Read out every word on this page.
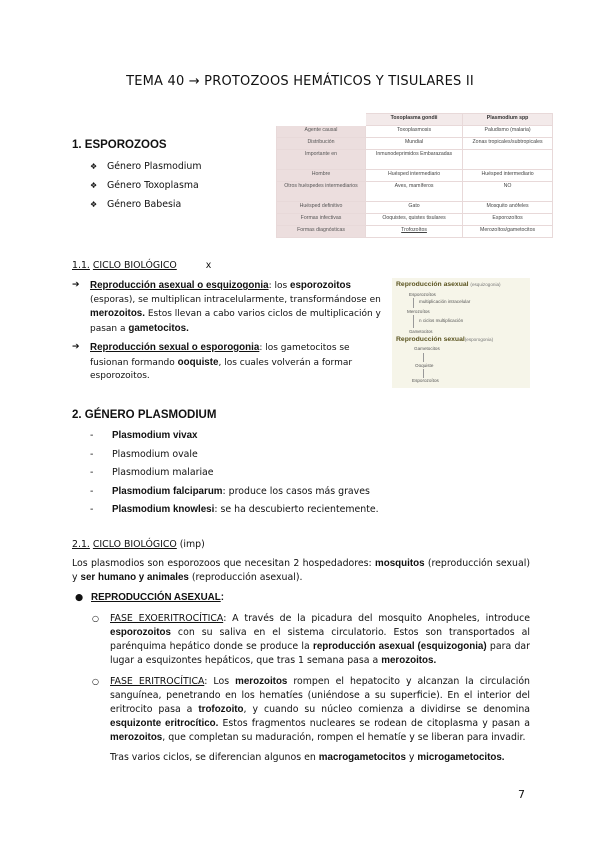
TEMA 40 → PROTOZOOS HEMÁTICOS Y TISULARES II
1. ESPOROZOOS
❖ Género Plasmodium
❖ Género Toxoplasma
❖ Género Babesia
	Toxoplasma gondii	Plasmodium spp
Agente causal	Toxoplasmosis	Paludismo (malaria)
Distribución	Mundial	Zonas tropicales/subtropicales
Importante en	Inmunodeprimidos Embarazadas	
Hombre	Huésped intermediario	Huésped intermediario
Otros huéspedes intermediarios	Aves, mamíferos	NO
Huésped definitivo	Gato	Mosquito anófeles
Formas infectivas	Ooquistes, quistes tisulares	Esporozoítos
Formas diagnósticas	Trofozoítos	Merozoítos/gametocitos
1.1. CICLO BIOLÓGICO	x
➔	Reproducción asexual o esquizogonia: los esporozoitos (esporas), se multiplican intracelularmente, transformándose en merozoitos. Estos llevan a cabo varios ciclos de multiplicación y pasan a gametocitos.
➔	Reproducción sexual o esporogonia: los gametocitos se fusionan formando ooquiste, los cuales volverán a formar esporozoitos.
Reproducción asexual (esquizogonia)
Esporozoítos
multiplicación intracelular
Merozoítos
n ciclos multiplicación
Gametocitos
Reproducción sexual(esporogonia)
Gametocitos
Ooquiste
Esporozoítos
2. GÉNERO PLASMODIUM
- Plasmodium vivax
- Plasmodium ovale
- Plasmodium malariae
- Plasmodium falciparum: produce los casos más graves
- Plasmodium knowlesi: se ha descubierto recientemente.
2.1. CICLO BIOLÓGICO (imp)
Los plasmodios son esporozoos que necesitan 2 hospedadores: mosquitos (reproducción sexual) y ser humano y animales (reproducción asexual).
● REPRODUCCIÓN ASEXUAL:
○ FASE EXOERITROCÍTICA: A través de la picadura del mosquito Anopheles, introduce esporozoitos con su saliva en el sistema circulatorio. Estos son transportados al parénquima hepático donde se produce la reproducción asexual (esquizogonia) para dar lugar a esquizontes hepáticos, que tras 1 semana pasa a merozoitos.
○ FASE ERITROCÍTICA: Los merozoitos rompen el hepatocito y alcanzan la circulación sanguínea, penetrando en los hematíes (uniéndose a su superficie). En el interior del eritrocito pasa a trofozoito, y cuando su núcleo comienza a dividirse se denomina esquizonte eritrocítico. Estos fragmentos nucleares se rodean de citoplasma y pasan a merozoitos, que completan su maduración, rompen el hematíe y se liberan para invadir.
Tras varios ciclos, se diferencian algunos en macrogametocitos y microgametocitos.
7
